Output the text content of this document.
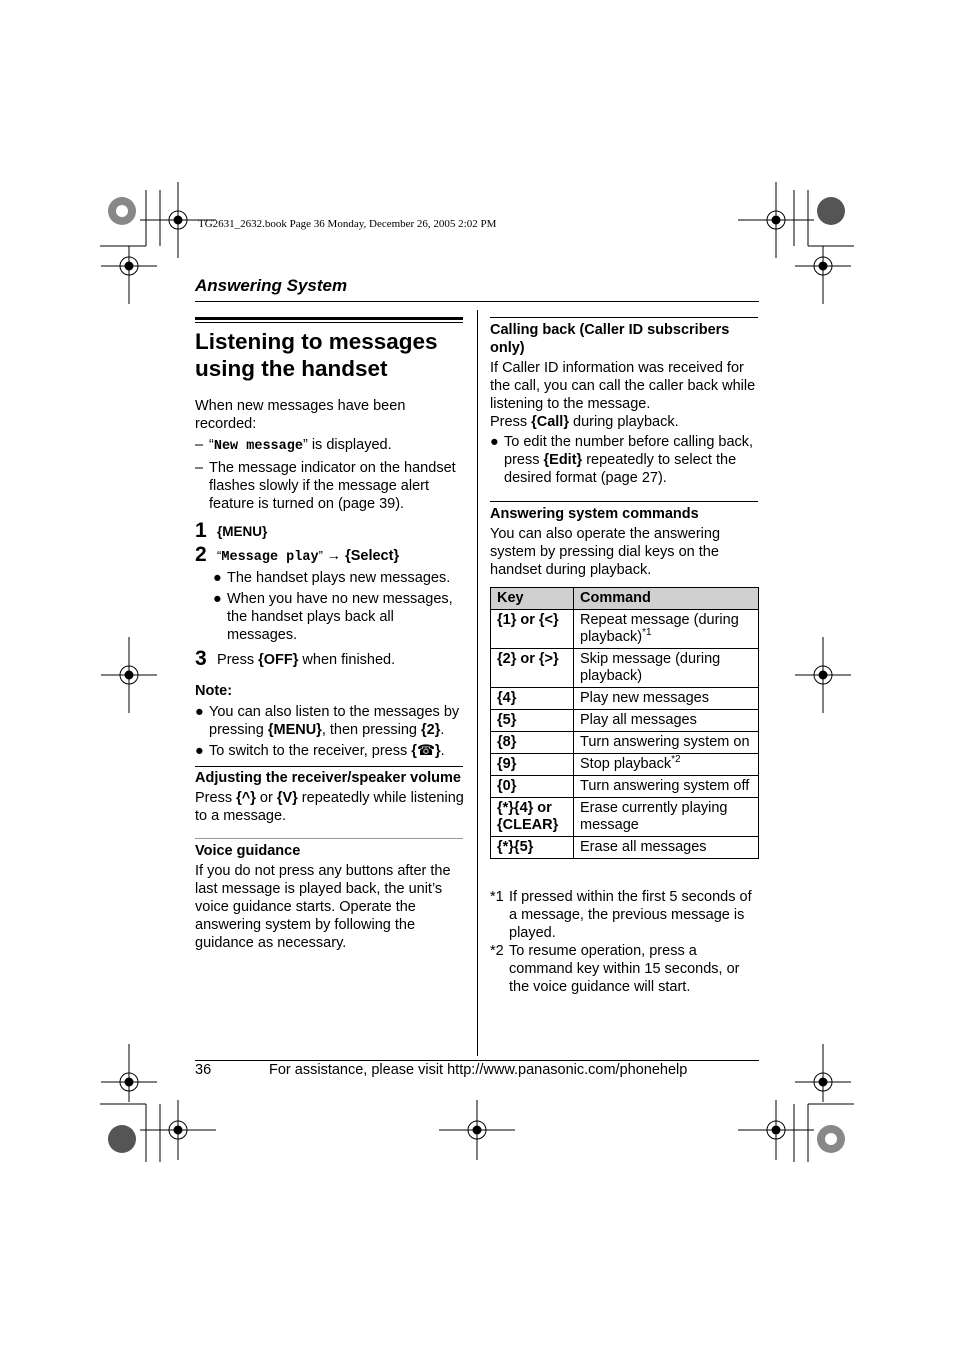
TG2631_2632.book Page 36 Monday, December 26, 2005 2:02 PM
Answering System
Listening to messages
using the handset
When new messages have been recorded:
– “New message” is displayed.
– The message indicator on the handset flashes slowly if the message alert feature is turned on (page 39).
1 {MENU}
2 “Message play” → {Select}
● The handset plays new messages.
● When you have no new messages, the handset plays back all messages.
3 Press {OFF} when finished.
Note:
● You can also listen to the messages by pressing {MENU}, then pressing {2}.
● To switch to the receiver, press {☎}.
Adjusting the receiver/speaker volume
Press {^} or {V} repeatedly while listening to a message.
Voice guidance
If you do not press any buttons after the last message is played back, the unit’s voice guidance starts. Operate the answering system by following the guidance as necessary.
Calling back (Caller ID subscribers only)
If Caller ID information was received for the call, you can call the caller back while listening to the message.
Press {Call} during playback.
● To edit the number before calling back, press {Edit} repeatedly to select the desired format (page 27).
Answering system commands
You can also operate the answering system by pressing dial keys on the handset during playback.
Key	Command
{1} or {<}	Repeat message (during playback)$^{*1}$
{2} or {>}	Skip message (during playback)
{4}	Play new messages
{5}	Play all messages
{8}	Turn answering system on
{9}	Stop playback$^{*2}$
{0}	Turn answering system off
{*}{4} or {CLEAR}	Erase currently playing message
{*}{5}	Erase all messages
*1 If pressed within the first 5 seconds of a message, the previous message is played.
*2 To resume operation, press a command key within 15 seconds, or the voice guidance will start.
36	For assistance, please visit http://www.panasonic.com/phonehelp
